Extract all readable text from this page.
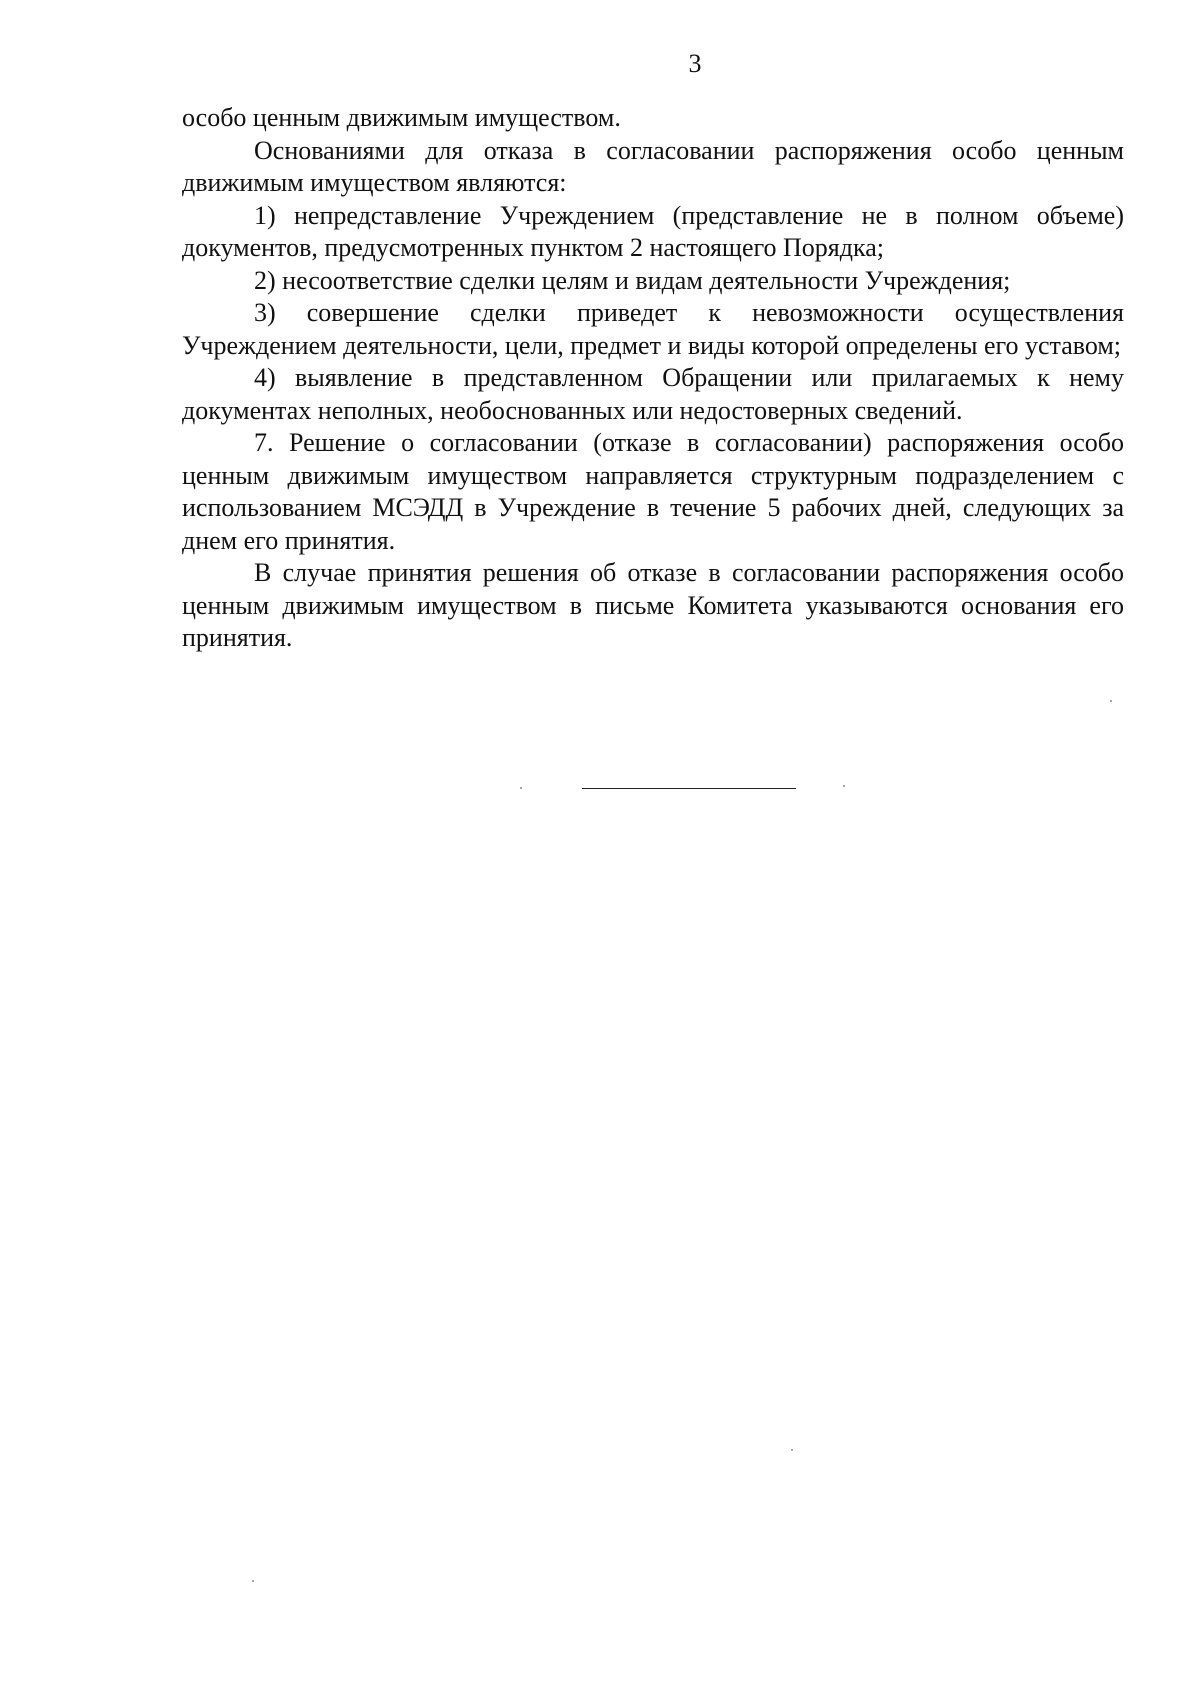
3

особо ценным движимым имуществом.

Основаниями для отказа в согласовании распоряжения особо ценным движимым имуществом являются:

1) непредставление Учреждением (представление не в полном объеме) документов, предусмотренных пунктом 2 настоящего Порядка;

2) несоответствие сделки целям и видам деятельности Учреждения;

3) совершение сделки приведет к невозможности осуществления Учреждением деятельности, цели, предмет и виды которой определены его уставом;

4) выявление в представленном Обращении или прилагаемых к нему документах неполных, необоснованных или недостоверных сведений.

7. Решение о согласовании (отказе в согласовании) распоряжения особо ценным движимым имуществом направляется структурным подразделением с использованием МСЭДД в Учреждение в течение 5 рабочих дней, следующих за днем его принятия.

В случае принятия решения об отказе в согласовании распоряжения особо ценным движимым имуществом в письме Комитета указываются основания его принятия.
